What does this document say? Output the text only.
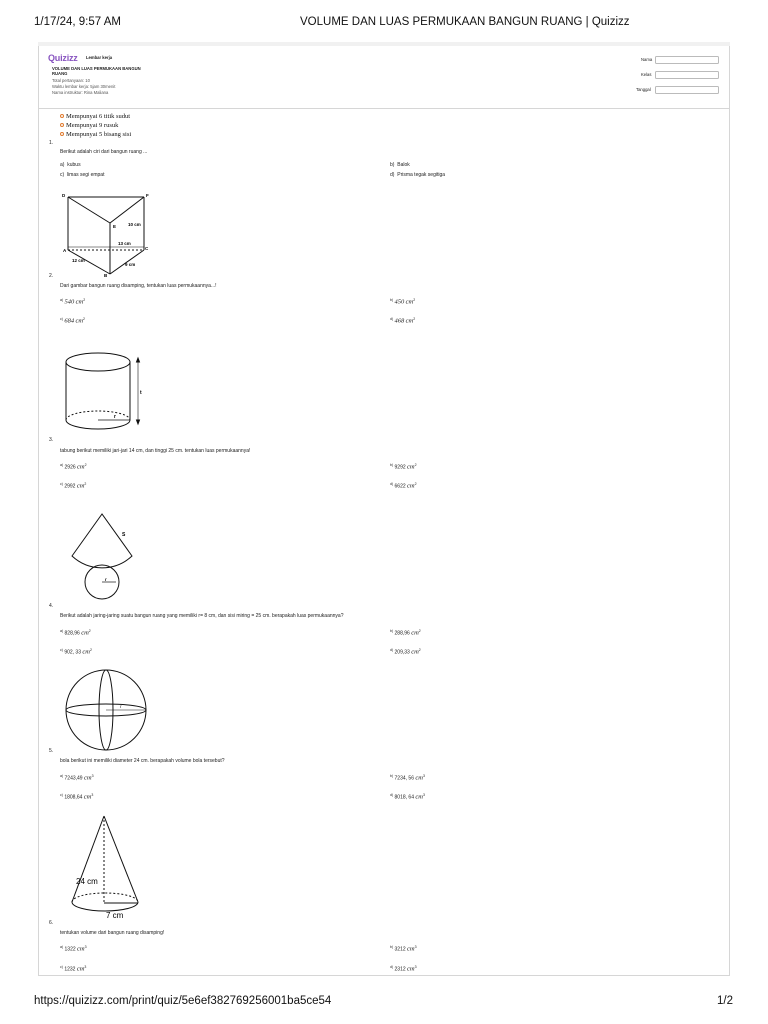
1/17/24, 9:57 AM	VOLUME DAN LUAS PERMUKAAN BANGUN RUANG | Quizizz
Quizizz Lembar kerja
VOLUME DAN LUAS PERMUKAAN BANGUN
RUANG
Total pertanyaan: 10
Waktu lembar kerja: 5jam 30menit
Nama instruktur: Rina Maliana
Nama
Kelas
Tanggal
Mempunyai 6 titik sudut
Mempunyai 9 rusuk
Mempunyai 5 bisang sisi
1.
Berikut adalah ciri dari bangun ruang ...
a) kubus	b) Balok
c) limas segi empat	d) Prisma tegak segitiga
D	F
E	10 cm
13 cm
A	C
12 cm
B
9 cm
2.
Dari gambar bangun ruang disamping, tentukan luas permukaannya...!
$^{a)}$ 540 $cm^2$	$^{b)}$ 450 $cm^2$
$^{c)}$ 684 $cm^2$	$^{d)}$ 468 $cm^2$
t
r
3.
tabung berikut memiliki jari-jari 14 cm, dan tinggi 25 cm. tentukan luas permukaannya!
$^{a)}$ 2926 $cm^2$	$^{b)}$ 9292 $cm^2$
$^{c)}$ 2992 $cm^2$	$^{d)}$ 6622 $cm^2$
S
r
4.
Berikut adalah jaring-jaring suatu bangun ruang yang memiliki r= 8 cm, dan sisi miring = 25 cm. berapakah luas permukaannya?
$^{a)}$ 828,96 $cm^2$	$^{b)}$ 288,96 $cm^2$
$^{c)}$ 902, 33 $cm^2$	$^{d)}$ 209,33 $cm^2$
r
5.
bola berikut ini memiliki diameter 24 cm. berapakah volume bola tersebut?
$^{a)}$ 7243,49 $cm^3$	$^{b)}$ 7234, 56 $cm^3$
$^{c)}$ 1808,64 $cm^3$	$^{d)}$ 8018, 64 $cm^3$
24 cm
7 cm
6.
tentukan volume dari bangun ruang disamping!
$^{a)}$ 1322 $cm^3$	$^{b)}$ 3212 $cm^3$
$^{c)}$ 1232 $cm^3$	$^{d)}$ 2312 $cm^3$
https://quizizz.com/print/quiz/5e6ef382769256001ba5ce54	1/2
